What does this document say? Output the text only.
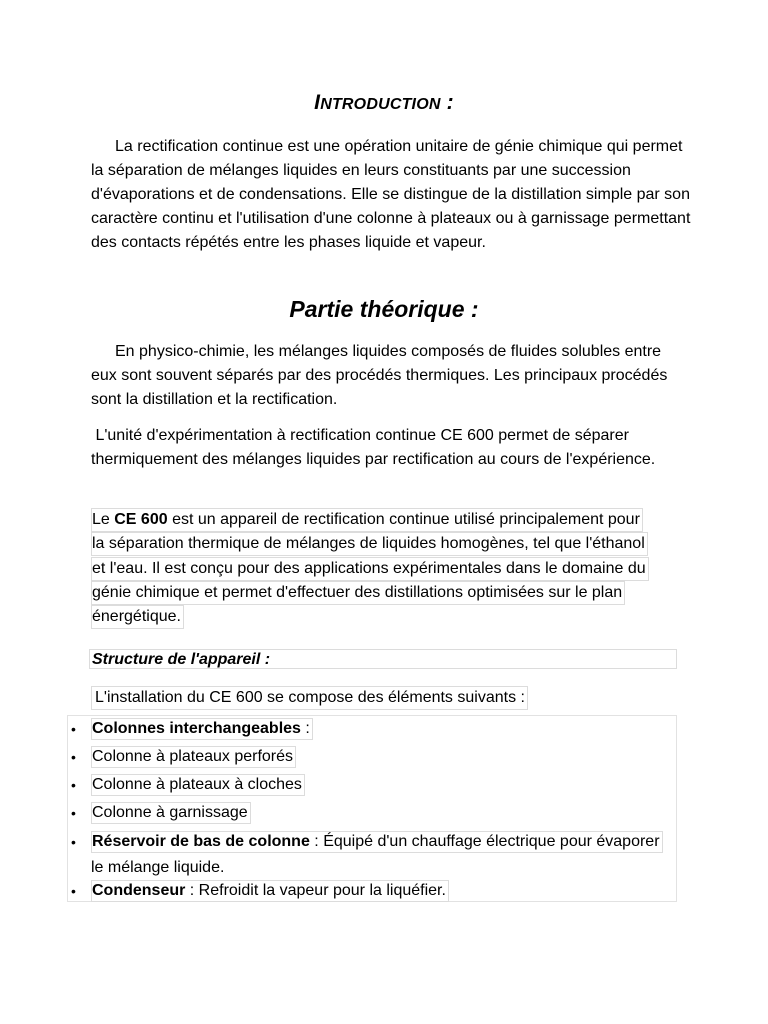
INTRODUCTION :
La rectification continue est une opération unitaire de génie chimique qui permet la séparation de mélanges liquides en leurs constituants par une succession d'évaporations et de condensations. Elle se distingue de la distillation simple par son caractère continu et l'utilisation d'une colonne à plateaux ou à garnissage permettant des contacts répétés entre les phases liquide et vapeur.
Partie théorique :
En physico-chimie, les mélanges liquides composés de fluides solubles entre eux sont souvent séparés par des procédés thermiques. Les principaux procédés sont la distillation et la rectification.
L'unité d'expérimentation à rectification continue CE 600 permet de séparer thermiquement des mélanges liquides par rectification au cours de l'expérience.
Le CE 600 est un appareil de rectification continue utilisé principalement pour
la séparation thermique de mélanges de liquides homogènes, tel que l'éthanol
et l'eau. Il est conçu pour des applications expérimentales dans le domaine du
génie chimique et permet d'effectuer des distillations optimisées sur le plan
énergétique.
Structure de l'appareil :
L'installation du CE 600 se compose des éléments suivants :
• Colonnes interchangeables :
• Colonne à plateaux perforés
• Colonne à plateaux à cloches
• Colonne à garnissage
• Réservoir de bas de colonne : Équipé d'un chauffage électrique pour évaporer
le mélange liquide.
• Condenseur : Refroidit la vapeur pour la liquéfier.
